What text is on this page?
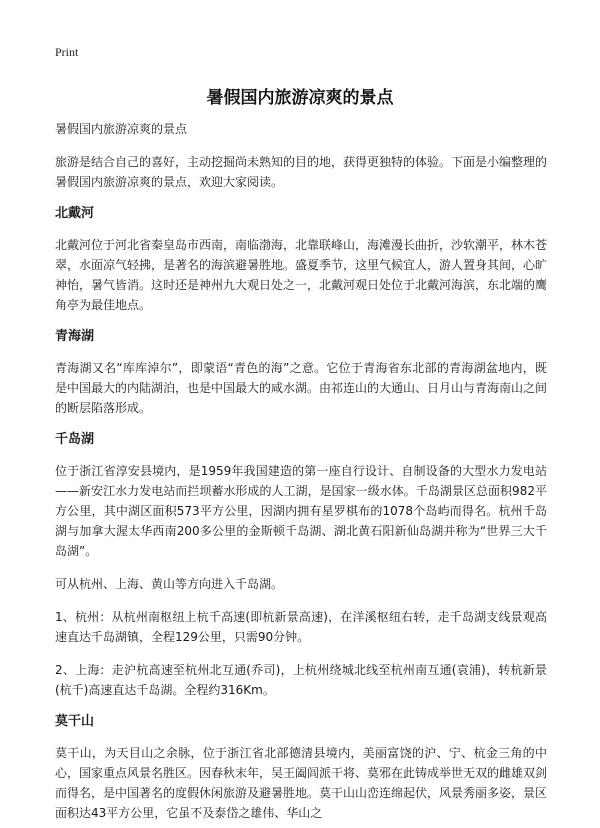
Print
暑假国内旅游凉爽的景点
暑假国内旅游凉爽的景点

旅游是结合自己的喜好，主动挖掘尚未熟知的目的地，获得更独特的体验。下面是小编整理的暑假国内旅游凉爽的景点，欢迎大家阅读。

北戴河

北戴河位于河北省秦皇岛市西南，南临渤海，北靠联峰山，海滩漫长曲折，沙软潮平，林木苍翠，水面凉气轻拂，是著名的海滨避暑胜地。盛夏季节，这里气候宜人，游人置身其间，心旷神怡，暑气皆消。这时还是神州九大观日处之一，北戴河观日处位于北戴河海滨，东北端的鹰角亭为最佳地点。

青海湖

青海湖又名“库库淖尔”，即蒙语“青色的海”之意。它位于青海省东北部的青海湖盆地内，既是中国最大的内陆湖泊，也是中国最大的咸水湖。由祁连山的大通山、日月山与青海南山之间的断层陷落形成。

千岛湖

位于浙江省淳安县境内，是1959年我国建造的第一座自行设计、自制设备的大型水力发电站——新安江水力发电站而拦坝蓄水形成的人工湖，是国家一级水体。千岛湖景区总面积982平方公里，其中湖区面积573平方公里，因湖内拥有星罗棋布的1078个岛屿而得名。杭州千岛湖与加拿大渥太华西南200多公里的金斯顿千岛湖、湖北黄石阳新仙岛湖并称为“世界三大千岛湖”。

可从杭州、上海、黄山等方向进入千岛湖。

1、杭州：从杭州南枢纽上杭千高速(即杭新景高速)，在洋溪枢纽右转，走千岛湖支线景观高速直达千岛湖镇，全程129公里，只需90分钟。

2、上海：走沪杭高速至杭州北互通(乔司)，上杭州绕城北线至杭州南互通(袁浦)，转杭新景(杭千)高速直达千岛湖。全程约316Km。

莫干山

莫干山，为天目山之余脉，位于浙江省北部德清县境内，美丽富饶的沪、宁、杭金三角的中心，国家重点风景名胜区。因春秋末年，吴王阖闾派干将、莫邪在此铸成举世无双的雌雄双剑而得名，是中国著名的度假休闲旅游及避暑胜地。莫干山山峦连绵起伏，风景秀丽多姿，景区面积达43平方公里，它虽不及泰岱之雄伟、华山之
